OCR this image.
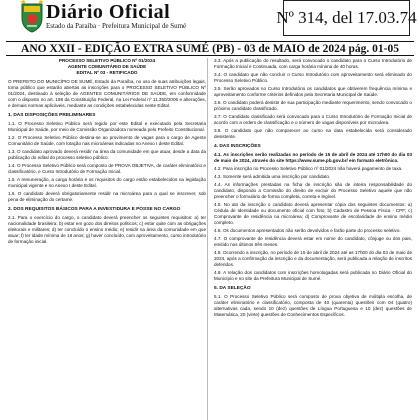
Diário Oficial
Estado da Paraíba · Prefeitura Municipal de Sumé	Nº 314, del 17.03.74
ANO XXII - EDIÇÃO EXTRA SUMÉ (PB) - 03 de MAIO de 2024 pág. 01-05

PROCESSO SELETIVO PÚBLICO Nº 01/2024

AGENTE COMUNITÁRIO DE SAÚDE

EDITAL Nº 03 - RETIFICADO

O PREFEITO DO MUNICÍPIO DE SUMÉ, Estado da Paraíba, no uso de suas atribuições legais, torna público que estarão abertas as inscrições para o PROCESSO SELETIVO PÚBLICO Nº 01/2024, destinado à seleção de AGENTES COMUNITÁRIOS DE SAÚDE, em conformidade com o disposto no art. 198 da Constituição Federal, na Lei Federal nº 11.350/2006 e alterações, e demais normas aplicáveis, mediante as condições estabelecidas neste Edital.

1. DAS DISPOSIÇÕES PRELIMINARES

1.1. O Processo Seletivo Público será regido por este Edital e executado pela Secretaria Municipal de Saúde, por meio de Comissão Organizadora nomeada pelo Prefeito Constitucional.

1.2. O Processo Seletivo Público destina-se ao provimento de vagas para o cargo de Agente Comunitário de Saúde, com lotação nas microáreas indicadas no Anexo I deste Edital.

1.3. O candidato aprovado deverá residir na área da comunidade em que atuar, desde a data da publicação do edital do processo seletivo público.

1.4. O Processo Seletivo Público será composto de PROVA OBJETIVA, de caráter eliminatório e classificatório, e Curso Introdutório de Formação Inicial.

1.5. A remuneração, a carga horária e os requisitos do cargo estão estabelecidos na legislação municipal vigente e no Anexo I deste Edital.

1.6. O candidato deverá obrigatoriamente residir na microárea para a qual se inscrever, sob pena de eliminação do certame.

2. DOS REQUISITOS BÁSICOS PARA A INVESTIDURA E POSSE NO CARGO

2.1. Para o exercício do cargo, o candidato deverá preencher os seguintes requisitos: a) ter nacionalidade brasileira; b) estar em gozo dos direitos políticos; c) estar quite com as obrigações eleitorais e militares; d) ter concluído o ensino médio; e) residir na área da comunidade em que atuar; f) ter idade mínima de 18 anos; g) haver concluído, com aproveitamento, curso introdutório de formação inicial.

3.3. Após a publicação do resultado, será convocado o candidato para o Curso Introdutório de Formação Inicial e Continuada, com carga horária mínima de 40 horas.

3.4. O candidato que não concluir o Curso Introdutório com aproveitamento será eliminado do Processo Seletivo Público.

3.5. Serão aprovados no Curso Introdutório os candidatos que obtiverem frequência mínima e aproveitamento conforme critérios definidos pela Secretaria Municipal de Saúde.

3.6. O candidato poderá desistir de sua participação mediante requerimento, sendo convocado o próximo candidato classificado.

3.7. O Candidato classificado será convocado para o Curso Introdutório de Formação Inicial de acordo com a ordem de classificação e o número de vagas disponíveis por microárea.

3.8. O candidato que não comparecer ao curso na data estabelecida será considerado desistente.

4. DAS INSCRIÇÕES

4.1. As inscrições serão realizadas no período de 15 de abril de 2024 até 17h00 do dia 03 de maio de 2024, através do site https://www.sume.pb.gov.br/ em formato eletrônico.

4.2. Para inscrição no Processo Seletivo Público nº 01/2024 não haverá pagamento de taxa.

4.3. Somente será admitida uma inscrição por candidato.

4.4. As informações prestadas na ficha de inscrição são de inteira responsabilidade do candidato, dispondo a Comissão do direito de excluir do Processo Seletivo aquele que não preencher o formulário de forma completa, correta e legível.

4.5. No ato da inscrição o candidato deverá apresentar cópia dos seguintes documentos: a) Cédula de Identidade ou documento oficial com foto; b) Cadastro de Pessoa Física - CPF; c) Comprovante de residência na microárea; d) Comprovante de escolaridade de ensino médio completo.

4.6. Os documentos apresentados não serão devolvidos e farão parte do processo seletivo.

4.7. O comprovante de residência deverá estar em nome do candidato, cônjuge ou dos pais, emitido nos últimos três meses.

4.8. Ocorrendo a inscrição, no período de 15 de abril de 2024 até as 17h00 do dia 03 de maio de 2024, após a confirmação da inscrição e da documentação, será publicada a relação de inscritos deferidos.

4.9. A relação dos candidatos com inscrições homologadas será publicada no Diário Oficial do Município e no site da Prefeitura Municipal de Sumé.

5. DA SELEÇÃO

5.1. O Processo Seletivo Público será composto de prova objetiva de múltipla escolha, de caráter eliminatório e classificatório, composta de 40 (quarenta) questões com 04 (quatro) alternativas cada, sendo 10 (dez) questões de Língua Portuguesa e 10 (dez) questões de Matemática, 20 (vinte) questões de Conhecimentos Específicos.
